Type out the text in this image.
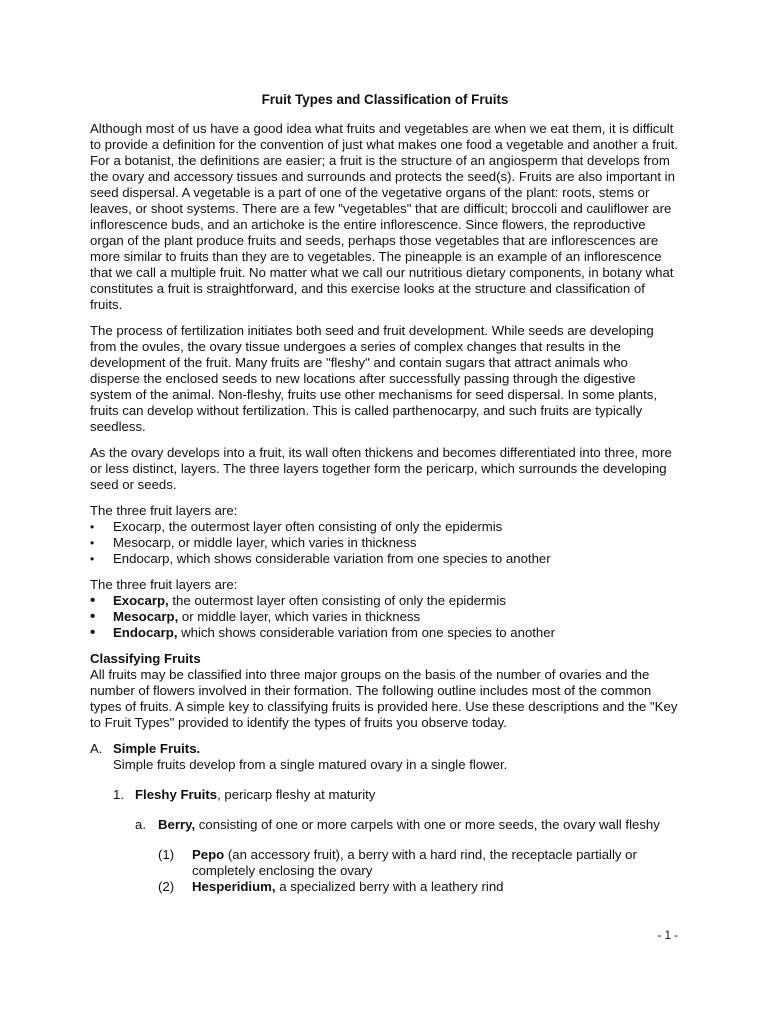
Fruit Types and Classification of Fruits

Although most of us have a good idea what fruits and vegetables are when we eat them, it is difficult to provide a definition for the convention of just what makes one food a vegetable and another a fruit. For a botanist, the definitions are easier; a fruit is the structure of an angiosperm that develops from the ovary and accessory tissues and surrounds and protects the seed(s). Fruits are also important in seed dispersal. A vegetable is a part of one of the vegetative organs of the plant: roots, stems or leaves, or shoot systems. There are a few "vegetables" that are difficult; broccoli and cauliflower are inflorescence buds, and an artichoke is the entire inflorescence. Since flowers, the reproductive organ of the plant produce fruits and seeds, perhaps those vegetables that are inflorescences are more similar to fruits than they are to vegetables. The pineapple is an example of an inflorescence that we call a multiple fruit. No matter what we call our nutritious dietary components, in botany what constitutes a fruit is straightforward, and this exercise looks at the structure and classification of fruits.

The process of fertilization initiates both seed and fruit development. While seeds are developing from the ovules, the ovary tissue undergoes a series of complex changes that results in the development of the fruit. Many fruits are "fleshy" and contain sugars that attract animals who disperse the enclosed seeds to new locations after successfully passing through the digestive system of the animal. Non-fleshy, fruits use other mechanisms for seed dispersal. In some plants, fruits can develop without fertilization. This is called parthenocarpy, and such fruits are typically seedless.

As the ovary develops into a fruit, its wall often thickens and becomes differentiated into three, more or less distinct, layers. The three layers together form the pericarp, which surrounds the developing seed or seeds.

The three fruit layers are:

• Exocarp, the outermost layer often consisting of only the epidermis
• Mesocarp, or middle layer, which varies in thickness
• Endocarp, which shows considerable variation from one species to another

The three fruit layers are:

• Exocarp, the outermost layer often consisting of only the epidermis
• Mesocarp, or middle layer, which varies in thickness
• Endocarp, which shows considerable variation from one species to another

Classifying Fruits

All fruits may be classified into three major groups on the basis of the number of ovaries and the number of flowers involved in their formation. The following outline includes most of the common types of fruits. A simple key to classifying fruits is provided here. Use these descriptions and the "Key to Fruit Types" provided to identify the types of fruits you observe today.

A. Simple Fruits.
Simple fruits develop from a single matured ovary in a single flower.
1. Fleshy Fruits, pericarp fleshy at maturity
a. Berry, consisting of one or more carpels with one or more seeds, the ovary wall fleshy
(1) Pepo (an accessory fruit), a berry with a hard rind, the receptacle partially or completely enclosing the ovary
(2) Hesperidium, a specialized berry with a leathery rind
- 1 -
